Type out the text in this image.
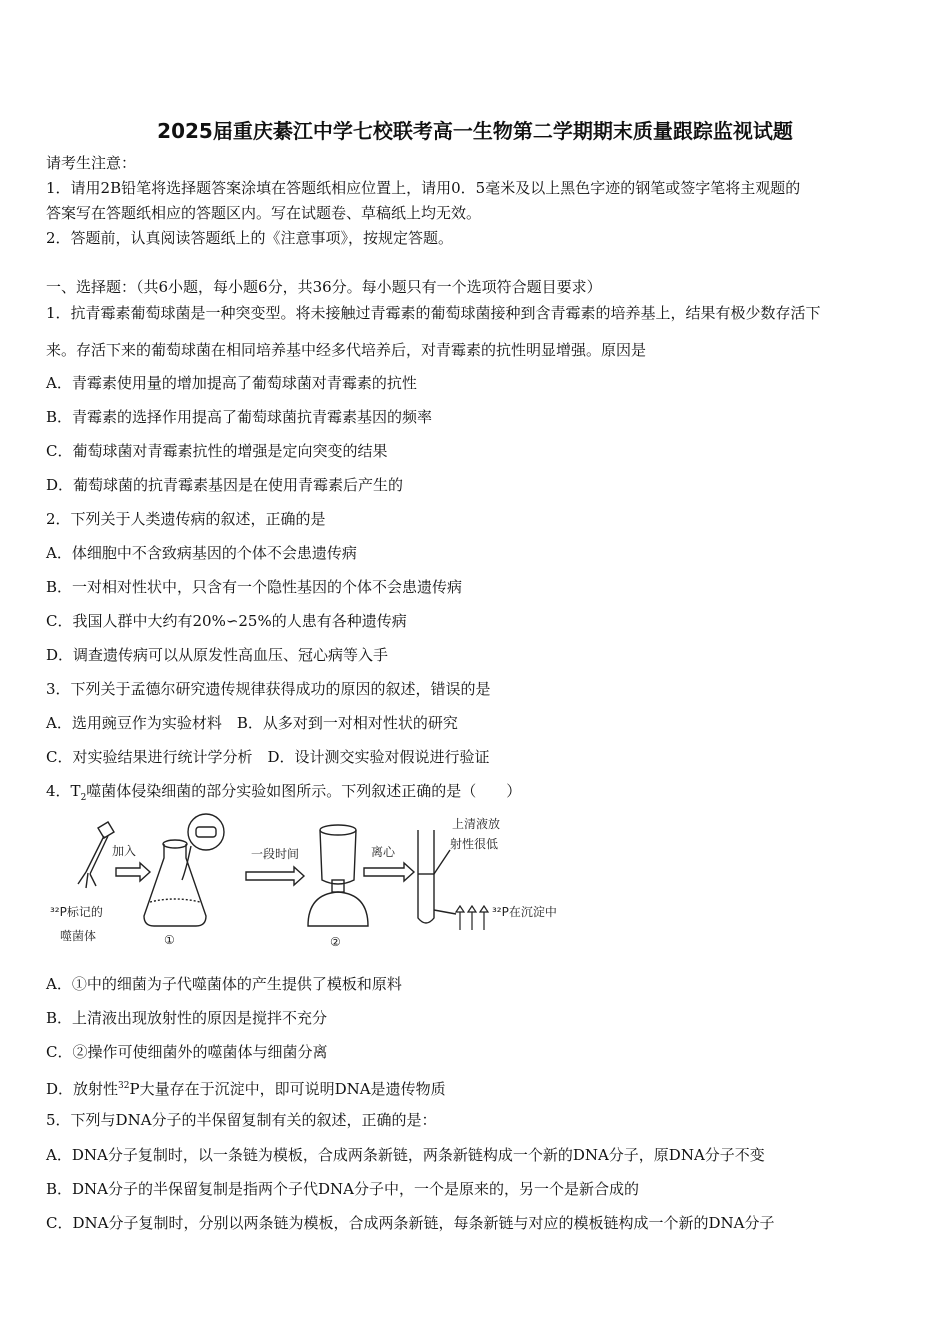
2025届重庆綦江中学七校联考高一生物第二学期期末质量跟踪监视试题
请考生注意：
1．请用2B铅笔将选择题答案涂填在答题纸相应位置上，请用0．5毫米及以上黑色字迹的钢笔或签字笔将主观题的
答案写在答题纸相应的答题区内。写在试题卷、草稿纸上均无效。
2．答题前，认真阅读答题纸上的《注意事项》，按规定答题。
一、选择题：（共6小题，每小题6分，共36分。每小题只有一个选项符合题目要求）
1．抗青霉素葡萄球菌是一种突变型。将未接触过青霉素的葡萄球菌接种到含青霉素的培养基上，结果有极少数存活下
来。存活下来的葡萄球菌在相同培养基中经多代培养后，对青霉素的抗性明显增强。原因是
A．青霉素使用量的增加提高了葡萄球菌对青霉素的抗性
B．青霉素的选择作用提高了葡萄球菌抗青霉素基因的频率
C．葡萄球菌对青霉素抗性的增强是定向突变的结果
D．葡萄球菌的抗青霉素基因是在使用青霉素后产生的
2．下列关于人类遗传病的叙述，正确的是
A．体细胞中不含致病基因的个体不会患遗传病
B．一对相对性状中，只含有一个隐性基因的个体不会患遗传病
C．我国人群中大约有20%∽25%的人患有各种遗传病
D．调查遗传病可以从原发性高血压、冠心病等入手
3．下列关于孟德尔研究遗传规律获得成功的原因的叙述，错误的是
A．选用豌豆作为实验材料　B．从多对到一对相对性状的研究
C．对实验结果进行统计学分析　D．设计测交实验对假说进行验证
4．$T_2$噬菌体侵染细菌的部分实验如图所示。下列叙述正确的是（　　）
加入
³²P标记的
噬菌体	①
一段时间
②
离心
上清液放
射性很低
³²P在沉淀中
A．①中的细菌为子代噬菌体的产生提供了模板和原料
B．上清液出现放射性的原因是搅拌不充分
C．②操作可使细菌外的噬菌体与细菌分离
D．放射性$^{32}$P大量存在于沉淀中，即可说明DNA是遗传物质
5．下列与DNA分子的半保留复制有关的叙述，正确的是：
A．DNA分子复制时，以一条链为模板，合成两条新链，两条新链构成一个新的DNA分子，原DNA分子不变
B．DNA分子的半保留复制是指两个子代DNA分子中，一个是原来的，另一个是新合成的
C．DNA分子复制时，分别以两条链为模板，合成两条新链，每条新链与对应的模板链构成一个新的DNA分子
